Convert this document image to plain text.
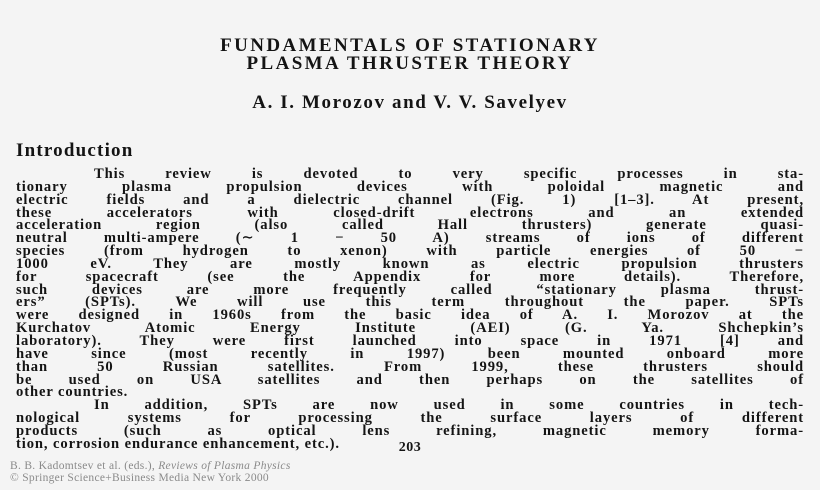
FUNDAMENTALS OF STATIONARY
PLASMA THRUSTER THEORY
A. I. Morozov and V. V. Savelyev
Introduction
This review is devoted to very specific processes in sta-
tionary plasma propulsion devices with poloidal magnetic and
electric fields and a dielectric channel (Fig. 1) [1–3]. At present,
these accelerators with closed-drift electrons and an extended
acceleration region (also called Hall thrusters) generate quasi-
neutral multi-ampere (∼ 1 − 50 A) streams of ions of different
species (from hydrogen to xenon) with particle energies of 50 −
1000 eV. They are mostly known as electric propulsion thrusters
for spacecraft (see the Appendix for more details). Therefore,
such devices are more frequently called “stationary plasma thrust-
ers” (SPTs). We will use this term throughout the paper. SPTs
were designed in 1960s from the basic idea of A. I. Morozov at the
Kurchatov Atomic Energy Institute (AEI) (G. Ya. Shchepkin’s
laboratory). They were first launched into space in 1971 [4] and
have since (most recently in 1997) been mounted onboard more
than 50 Russian satellites. From 1999, these thrusters should
be used on USA satellites and then perhaps on the satellites of
other countries.
In addition, SPTs are now used in some countries in tech-
nological systems for processing the surface layers of different
products (such as optical lens refining, magnetic memory forma-
tion, corrosion endurance enhancement, etc.).	203
B. B. Kadomtsev et al. (eds.), Reviews of Plasma Physics
© Springer Science+Business Media New York 2000
